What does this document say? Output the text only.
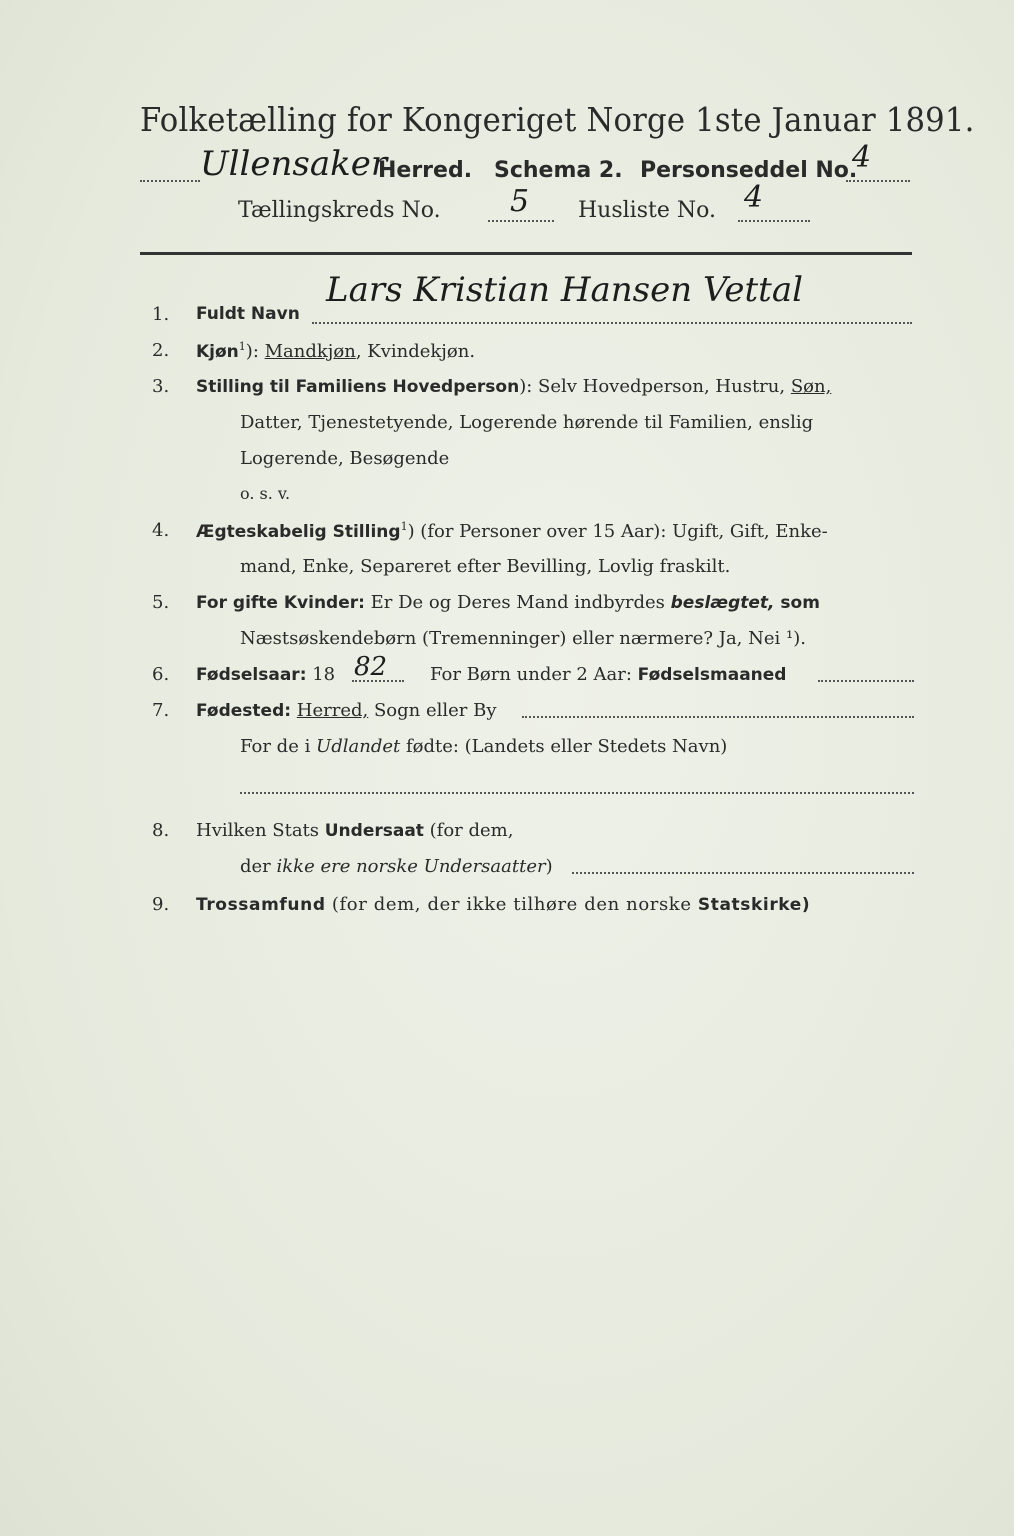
Folketælling for Kongeriget Norge 1ste Januar 1891.
Ullensaker
Herred. Schema 2. Personseddel No.
4
Tællingskreds No. 5 Husliste No. 4
1. Fuldt Navn
Lars Kristian Hansen Vettal
2. Kjøn$^1$): Mandkjøn, Kvindekjøn.
3. Stilling til Familiens Hovedperson): Selv Hovedperson, Hustru, Søn,
Datter, Tjenestetyende, Logerende hørende til Familien, enslig
Logerende, Besøgende
o. s. v.
4. Ægteskabelig Stilling$^1$) (for Personer over 15 Aar): Ugift, Gift, Enke-
mand, Enke, Separeret efter Bevilling, Lovlig fraskilt.
5. For gifte Kvinder: Er De og Deres Mand indbyrdes beslægtet, som
Næstsøskendebørn (Tremenninger) eller nærmere? Ja, Nei ¹).
6. Fødselsaar: 18 82 For Børn under 2 Aar: Fødselsmaaned
7. Fødested: Herred, Sogn eller By
For de i Udlandet fødte: (Landets eller Stedets Navn)
8. Hvilken Stats Undersaat (for dem,
der ikke ere norske Undersaatter)
9. Trossamfund (for dem, der ikke tilhøre den norske Statskirke)
